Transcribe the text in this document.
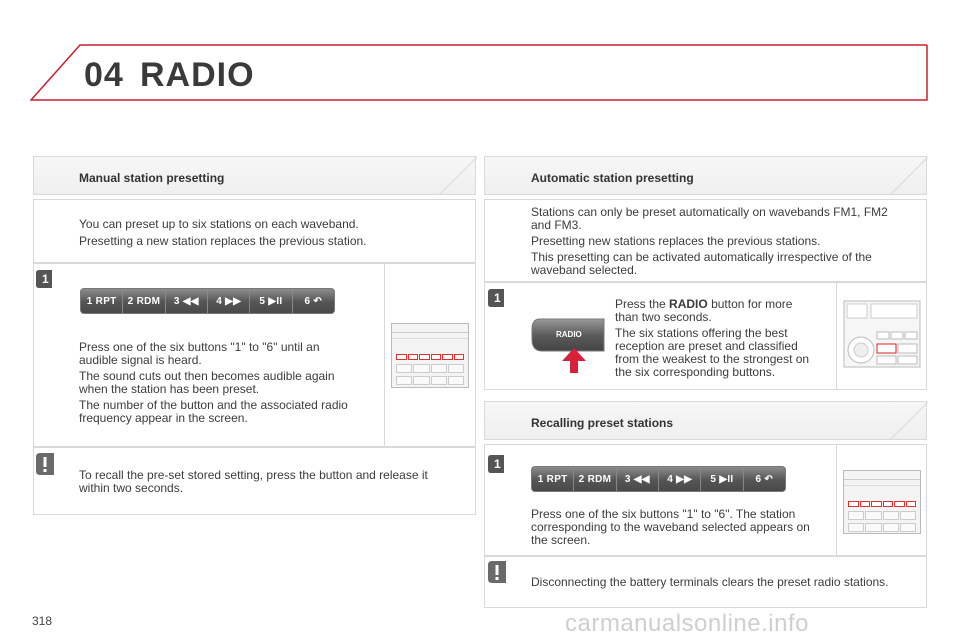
04 RADIO
Manual station presetting
You can preset up to six stations on each waveband.
Presetting a new station replaces the previous station.
1
1 RPT	2 RDM	3 ◀◀	4 ▶▶	5 ▶II	6 ↶
Press one of the six buttons "1" to "6" until an
audible signal is heard.
The sound cuts out then becomes audible again
when the station has been preset.
The number of the button and the associated radio
frequency appear in the screen.
To recall the pre-set stored setting, press the button and release it
within two seconds.
Automatic station presetting
Stations can only be preset automatically on wavebands FM1, FM2
and FM3.
Presetting new stations replaces the previous stations.
This presetting can be activated automatically irrespective of the
waveband selected.
1
RADIO
Press the RADIO button for more
than two seconds.
The six stations offering the best
reception are preset and classified
from the weakest to the strongest on
the six corresponding buttons.
Recalling preset stations
1
1 RPT	2 RDM	3 ◀◀	4 ▶▶	5 ▶II	6 ↶
Press one of the six buttons "1" to "6". The station
corresponding to the waveband selected appears on
the screen.
Disconnecting the battery terminals clears the preset radio stations.
318	carmanualsonline.info
